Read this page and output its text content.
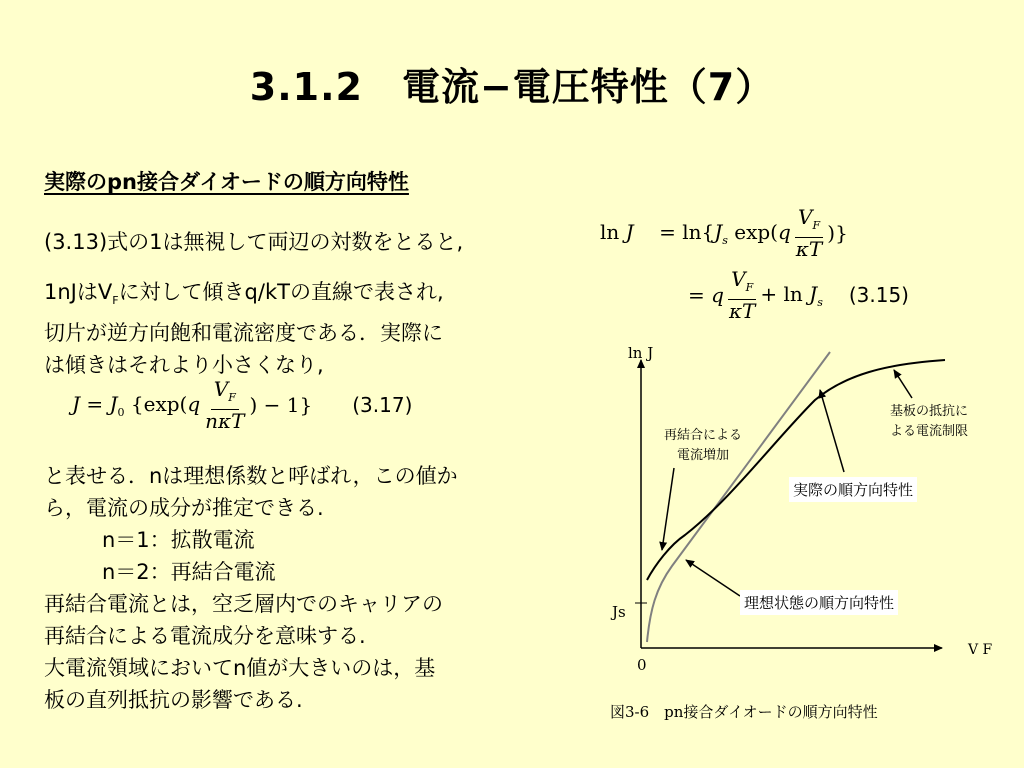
3.1.2　電流−電圧特性（7）
実際のpn接合ダイオードの順方向特性
(3.13)式の1は無視して両辺の対数をとると,
1nJは$V_F$に対して傾きq/kTの直線で表され,
切片が逆方向飽和電流密度である．実際に
は傾きはそれより小さくなり,
$J = J_0$ {$\exp(q \frac{V_F}{\text{nκT}}$ ) − 1} (3.17)
と表せる．nは理想係数と呼ばれ，この値か
ら，電流の成分が推定できる.
n＝1：拡散電流
n＝2：再結合電流
再結合電流とは，空乏層内でのキャリアの
再結合による電流成分を意味する.
大電流領域においてn値が大きいのは，基
板の直列抵抗の影響である.
ln J    = $\ln\{J_s$ $\exp(q \frac{V_F}{\kappa T}$ )}
= q $\frac{V_F}{\kappa T} + \ln J_s$ (3.15)
ln J
V F
0
Js
再結合による
電流増加
基板の抵抗に
よる電流制限
実際の順方向特性
理想状態の順方向特性
図3-6　pn接合ダイオードの順方向特性
